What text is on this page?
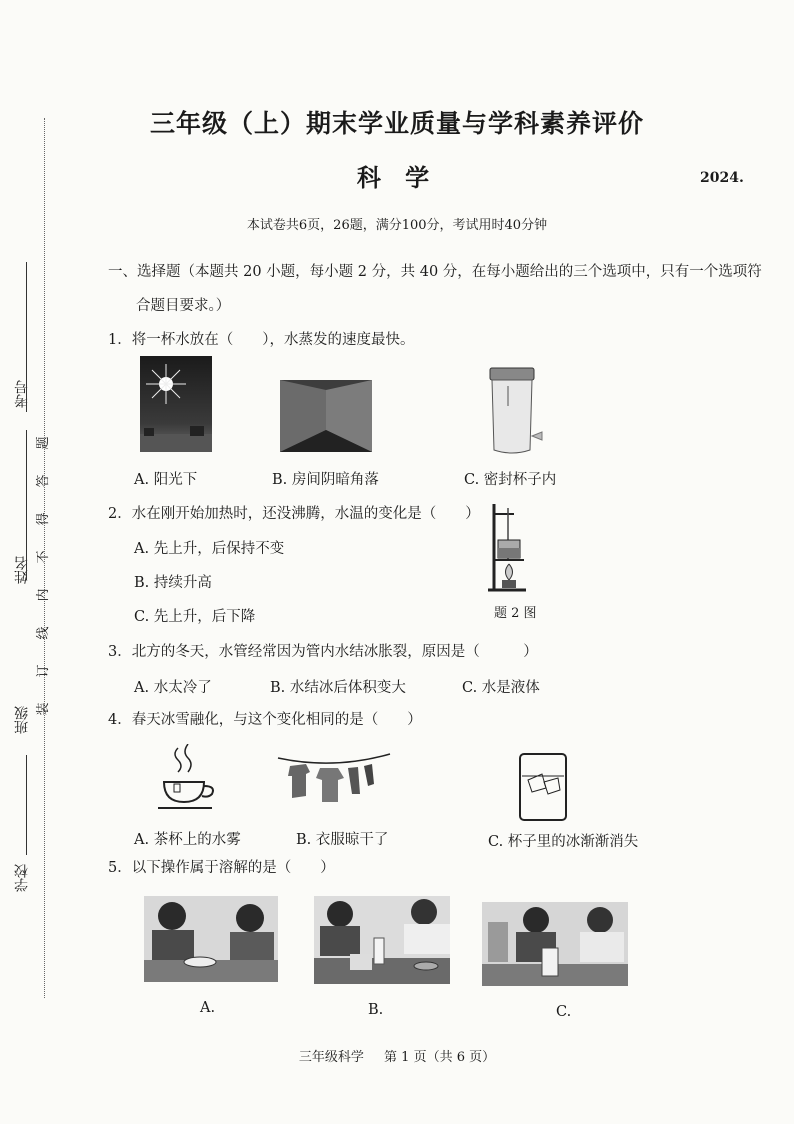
三年级（上）期末学业质量与学科素养评价
科 学	2024.
本试卷共6页，26题，满分100分，考试用时40分钟
考号
姓名
班级
学校
题
答
得
不
内
线
订
装
一、选择题（本题共 20 小题，每小题 2 分，共 40 分，在每小题给出的三个选项中，只有一个选项符
合题目要求。）
1．将一杯水放在（　　），水蒸发的速度最快。
A. 阳光下	B. 房间阴暗角落	C. 密封杯子内
2．水在刚开始加热时，还没沸腾，水温的变化是（　　）
A. 先上升，后保持不变
B. 持续升高
C. 先上升，后下降	题 2 图
3．北方的冬天，水管经常因为管内水结冰胀裂，原因是（　　　）
A. 水太冷了	B. 水结冰后体积变大	C. 水是液体
4．春天冰雪融化，与这个变化相同的是（　　）
A. 茶杯上的水雾	B. 衣服晾干了	C. 杯子里的冰渐渐消失
5．以下操作属于溶解的是（　　）
A.	B.	C.
三年级科学 第 1 页（共 6 页）
